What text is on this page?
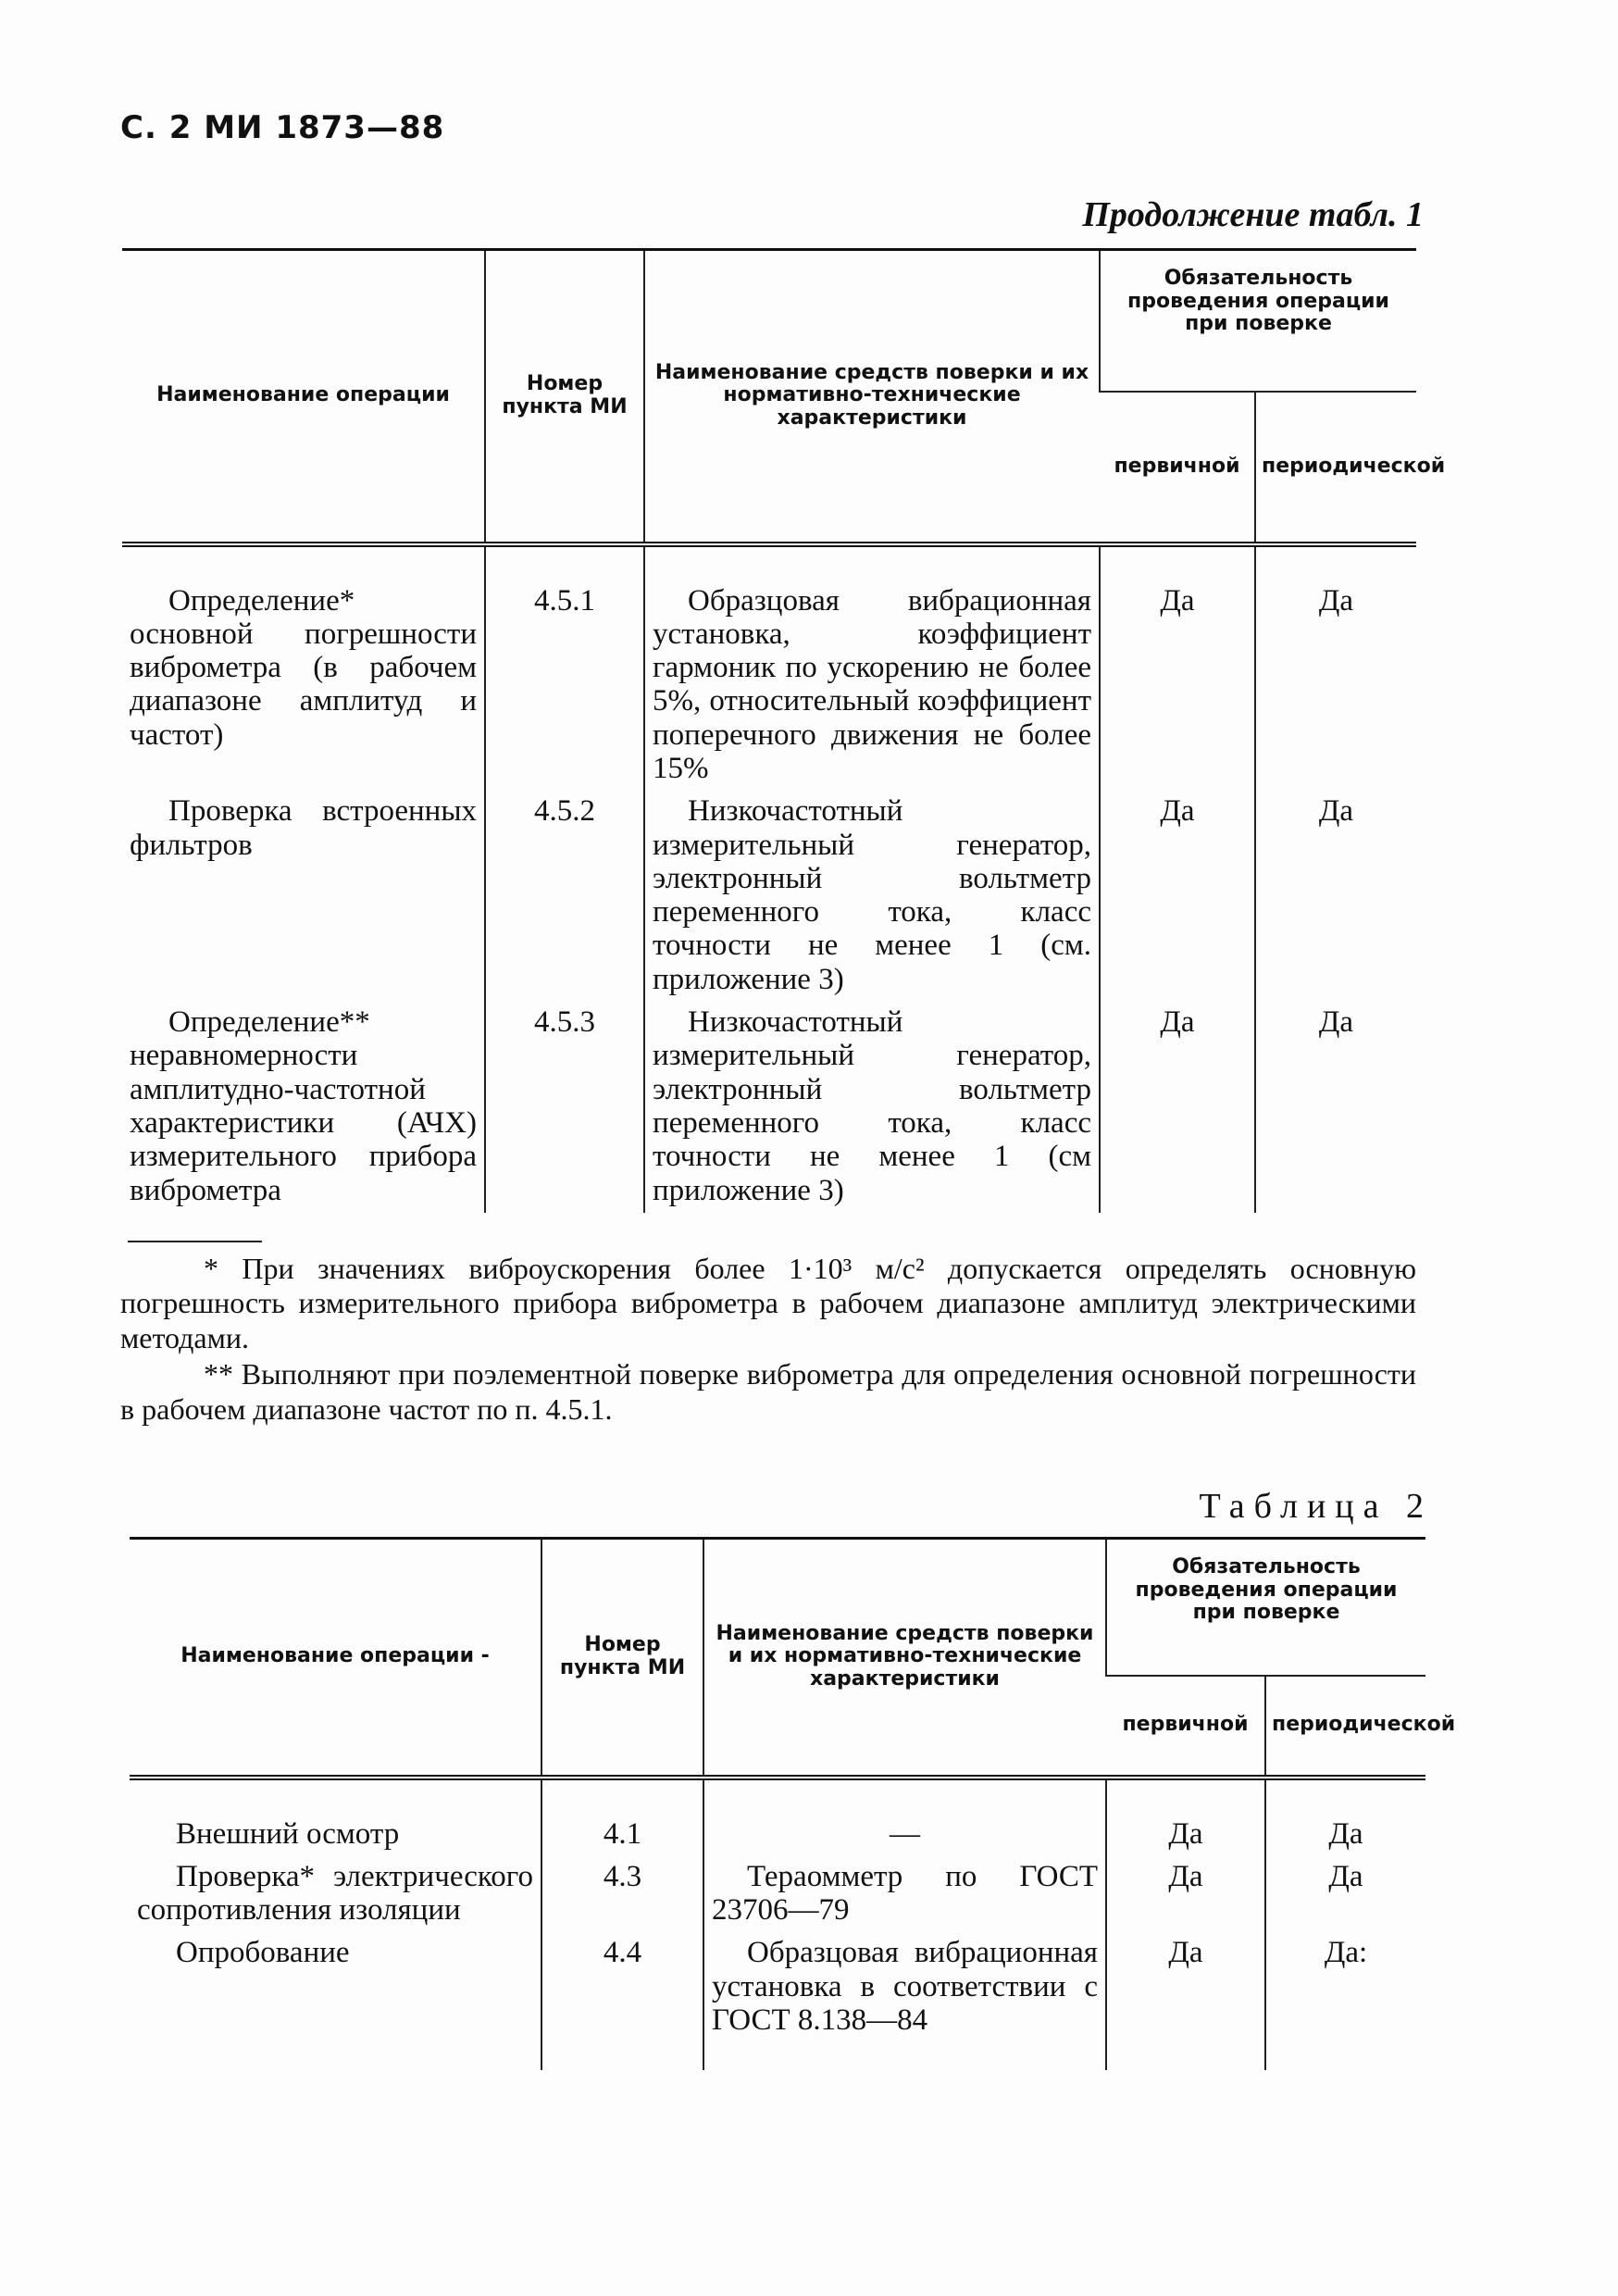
С. 2 МИ 1873—88
Продолжение табл. 1
Наименование операции	Номер пункта МИ	Наименование средств поверки и их нормативно-технические характеристики	Обязательность проведения операции при поверке	
			первичной	периодической

Определение* основной погрешности виброметра (в рабочем диапазоне амплитуд и частот)	4.5.1	Образцовая вибрационная установка, коэффициент гармоник по ускорению не более 5%, относительный коэффициент поперечного движения не более 15%	Да	Да
Проверка встроенных фильтров	4.5.2	Низкочастотный измерительный генератор, электронный вольтметр переменного тока, класс точности не менее 1 (см. приложение 3)	Да	Да
Определение** неравномерности амплитудно-частотной характеристики (АЧХ) измерительного прибора виброметра	4.5.3	Низкочастотный измерительный генератор, электронный вольтметр переменного тока, класс точности не менее 1 (см приложение 3)	Да	Да

* При значениях виброускорения более 1·10³ м/с² допускается определять основную погрешность измерительного прибора виброметра в рабочем диапазоне амплитуд электрическими методами.

** Выполняют при поэлементной поверке виброметра для определения основной погрешности в рабочем диапазоне частот по п. 4.5.1.

Таблица 2
Наименование операции -	Номер пункта МИ	Наименование средств поверки и их нормативно-технические характеристики	Обязательность проведения операции при поверке	
			первичной	периодической

Внешний осмотр	4.1	—	Да	Да
Проверка* электрического сопротивления изоляции	4.3	Тераомметр по ГОСТ 23706—79	Да	Да
Опробование	4.4	Образцовая вибрационная установка в соответствии с ГОСТ 8.138—84	Да	Да:
